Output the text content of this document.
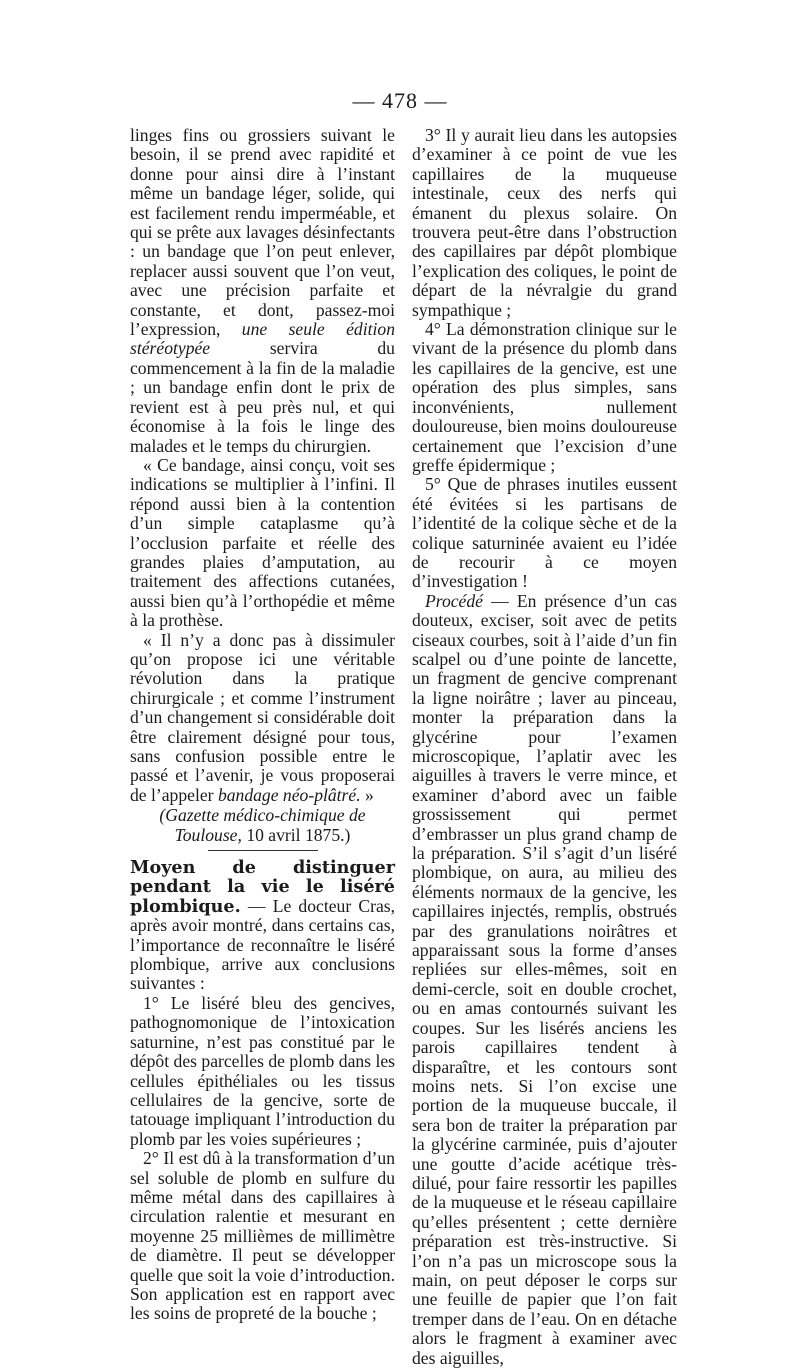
— 478 —

linges fins ou grossiers suivant le besoin, il se prend avec rapidité et donne pour ainsi dire à l’instant même un bandage léger, solide, qui est facilement rendu imperméable, et qui se prête aux lavages désinfectants : un bandage que l’on peut enlever, replacer aussi souvent que l’on veut, avec une précision parfaite et constante, et dont, passez-moi l’expression, une seule édition stéréotypée	servira du commencement à la fin de la maladie ; un bandage enfin dont le prix de revient est à peu près nul, et qui économise à la fois le linge des malades et le temps du chirurgien.

« Ce bandage, ainsi conçu, voit ses indications se multiplier à l’infini. Il répond aussi bien à la contention d’un simple cataplasme qu’à l’occlusion parfaite et réelle des grandes plaies d’amputation, au traitement des affections cutanées, aussi bien qu’à l’orthopédie et même à la prothèse.

« Il n’y a donc pas à dissimuler qu’on propose ici une véritable révolution dans la pratique chirurgicale ; et comme l’instrument d’un changement si considérable doit être clairement désigné pour tous, sans confusion possible entre le passé et l’avenir, je vous proposerai de l’appeler bandage néo-plâtré. »

(Gazette médico-chimique de Toulouse, 10 avril 1875.)

Moyen de distinguer pendant la vie le liséré plombique. — Le docteur Cras, après avoir montré, dans certains cas, l’importance de reconnaître le liséré plombique, arrive aux conclusions suivantes :

1° Le liséré bleu des gencives, pathognomonique de l’intoxication saturnine, n’est pas constitué par le dépôt des parcelles de plomb dans les cellules épithéliales ou les tissus cellulaires de la gencive, sorte de tatouage impliquant l’introduction du plomb par les voies supérieures ;

2° Il est dû à la transformation d’un sel soluble de plomb en sulfure du même métal dans des capillaires à circulation ralentie et mesurant en moyenne 25 millièmes de millimètre de diamètre. Il peut se développer quelle que soit la voie d’introduction. Son application est en rapport avec les soins de propreté de la bouche ;

3° Il y aurait lieu dans les autopsies d’examiner à ce point de vue les capillaires de la muqueuse intestinale, ceux des nerfs qui émanent du plexus solaire. On trouvera peut-être dans l’obstruction des capillaires par dépôt plombique l’explication des coliques, le point de départ de la névralgie du grand sympathique ;

4° La démonstration clinique sur le vivant de la présence du plomb dans les capillaires de la gencive, est une opération des plus simples, sans inconvénients, nullement douloureuse, bien moins douloureuse certainement que l’excision d’une greffe épidermique ;

5° Que de phrases inutiles eussent été évitées si les partisans de l’identité de la colique sèche et de la colique saturninée avaient eu l’idée de recourir à ce moyen d’investigation !

Procédé — En présence d’un cas douteux, exciser, soit avec de petits ciseaux courbes, soit à l’aide d’un fin scalpel ou d’une pointe de lancette, un fragment de gencive comprenant la ligne noirâtre ; laver au pinceau, monter la préparation dans la glycérine pour l’examen microscopique, l’aplatir avec les aiguilles à travers le verre mince, et examiner d’abord avec un faible grossissement qui permet d’embrasser un plus grand champ de la préparation. S’il s’agit d’un liséré plombique, on aura, au milieu des éléments normaux de la gencive, les capillaires injectés, remplis, obstrués par des granulations noirâtres et apparaissant sous la forme d’anses repliées sur elles-mêmes, soit en demi-cercle, soit en double crochet, ou en amas contournés suivant les coupes. Sur les lisérés anciens les parois capillaires tendent à disparaître, et les contours sont moins nets. Si l’on excise une portion de la muqueuse buccale, il sera bon de traiter la préparation par la glycérine carminée, puis d’ajouter une goutte d’acide acétique très-dilué, pour faire ressortir les papilles de la muqueuse et le réseau capillaire qu’elles présentent ; cette dernière préparation est très-instructive. Si l’on n’a pas un microscope sous la main, on peut déposer le corps sur une feuille de papier que l’on fait tremper dans de l’eau. On en détache alors le fragment à examiner avec des aiguilles,
